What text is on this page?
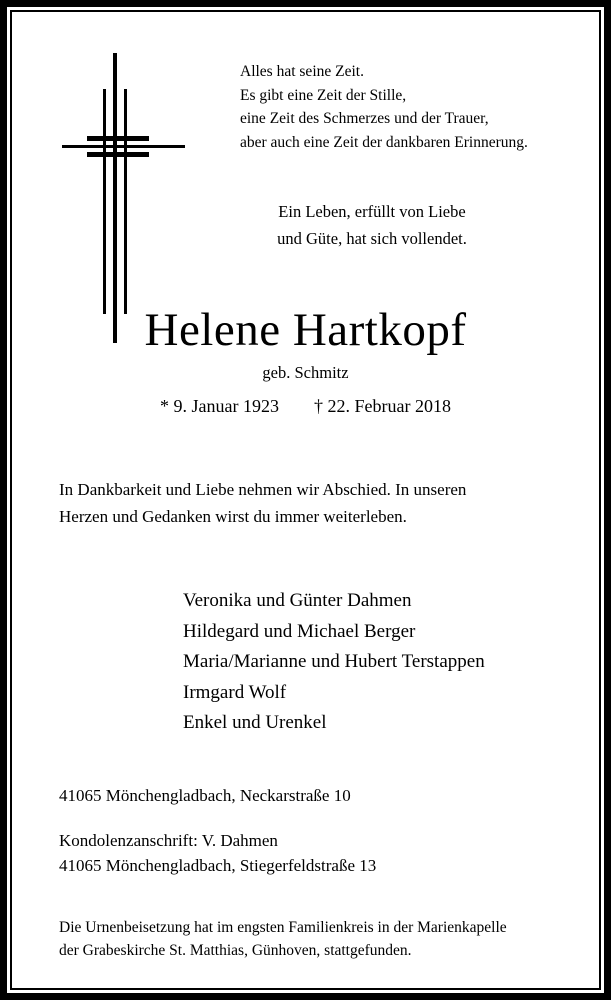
Alles hat seine Zeit.
Es gibt eine Zeit der Stille,
eine Zeit des Schmerzes und der Trauer,
aber auch eine Zeit der dankbaren Erinnerung.
Ein Leben, erfüllt von Liebe
und Güte, hat sich vollendet.
Helene Hartkopf
geb. Schmitz
* 9. Januar 1923 † 22. Februar 2018
In Dankbarkeit und Liebe nehmen wir Abschied. In unseren
Herzen und Gedanken wirst du immer weiterleben.
Veronika und Günter Dahmen
Hildegard und Michael Berger
Maria/Marianne und Hubert Terstappen
Irmgard Wolf
Enkel und Urenkel
41065 Mönchengladbach, Neckarstraße 10
Kondolenzanschrift: V. Dahmen
41065 Mönchengladbach, Stiegerfeldstraße 13
Die Urnenbeisetzung hat im engsten Familienkreis in der Marienkapelle
der Grabeskirche St. Matthias, Günhoven, stattgefunden.
